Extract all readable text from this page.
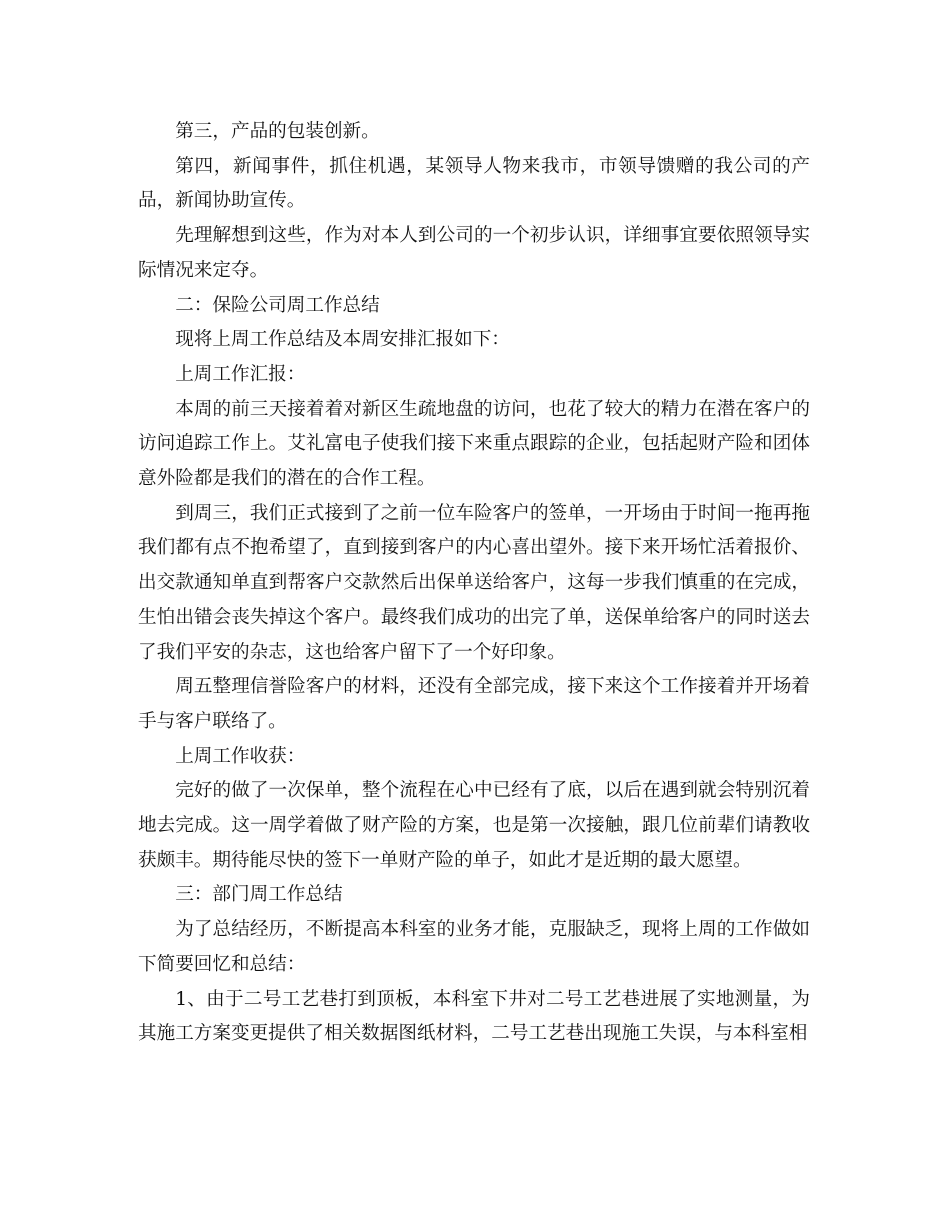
第三，产品的包装创新。

第四，新闻事件，抓住机遇，某领导人物来我市，市领导馈赠的我公司的产品，新闻协助宣传。

先理解想到这些，作为对本人到公司的一个初步认识，详细事宜要依照领导实际情况来定夺。

二：保险公司周工作总结

现将上周工作总结及本周安排汇报如下：

上周工作汇报：

本周的前三天接着着对新区生疏地盘的访问，也花了较大的精力在潜在客户的访问追踪工作上。艾礼富电子使我们接下来重点跟踪的企业，包括起财产险和团体意外险都是我们的潜在的合作工程。

到周三，我们正式接到了之前一位车险客户的签单，一开场由于时间一拖再拖我们都有点不抱希望了，直到接到客户的内心喜出望外。接下来开场忙活着报价、出交款通知单直到帮客户交款然后出保单送给客户，这每一步我们慎重的在完成，生怕出错会丧失掉这个客户。最终我们成功的出完了单，送保单给客户的同时送去了我们平安的杂志，这也给客户留下了一个好印象。

周五整理信誉险客户的材料，还没有全部完成，接下来这个工作接着并开场着手与客户联络了。

上周工作收获：

完好的做了一次保单，整个流程在心中已经有了底，以后在遇到就会特别沉着地去完成。这一周学着做了财产险的方案，也是第一次接触，跟几位前辈们请教收获颇丰。期待能尽快的签下一单财产险的单子，如此才是近期的最大愿望。

三：部门周工作总结

为了总结经历，不断提高本科室的业务才能，克服缺乏，现将上周的工作做如下简要回忆和总结：

1、由于二号工艺巷打到顶板，本科室下井对二号工艺巷进展了实地测量，为其施工方案变更提供了相关数据图纸材料，二号工艺巷出现施工失误，与本科室相
